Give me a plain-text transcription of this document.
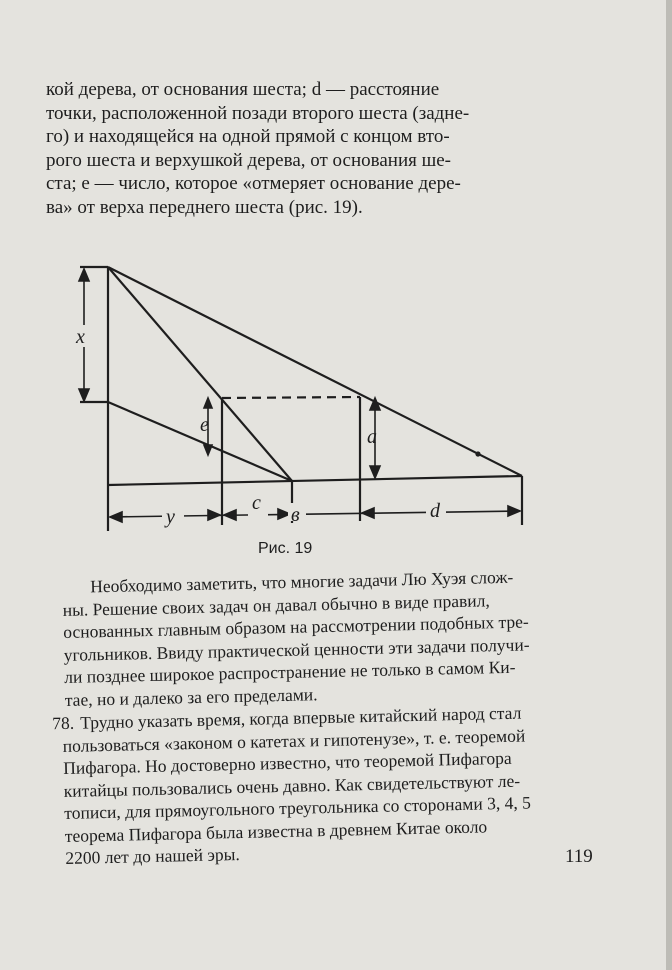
кой дерева, от основания шеста; d — расстояние
точки, расположенной позади второго шеста (задне-
го) и находящейся на одной прямой с концом вто-
рого шеста и верхушкой дерева, от основания ше-
ста; e — число, которое «отмеряет основание дере-
ва» от верха переднего шеста (рис. 19).

x
e
a
c
y	в	d
Рис. 19

Необходимо заметить, что многие задачи Лю Хуэя слож-
ны. Решение своих задач он давал обычно в виде правил,
основанных главным образом на рассмотрении подобных тре-
угольников. Ввиду практической ценности эти задачи получи-
ли позднее широкое распространение не только в самом Ки-
тае, но и далеко за его пределами.

78. Трудно указать время, когда впервые китайский народ стал
пользоваться «законом о катетах и гипотенузе», т. е. теоремой
Пифагора. Но достоверно известно, что теоремой Пифагора
китайцы пользовались очень давно. Как свидетельствуют ле-
тописи, для прямоугольного треугольника со сторонами 3, 4, 5
теорема Пифагора была известна в древнем Китае около
2200 лет до нашей эры.	119
